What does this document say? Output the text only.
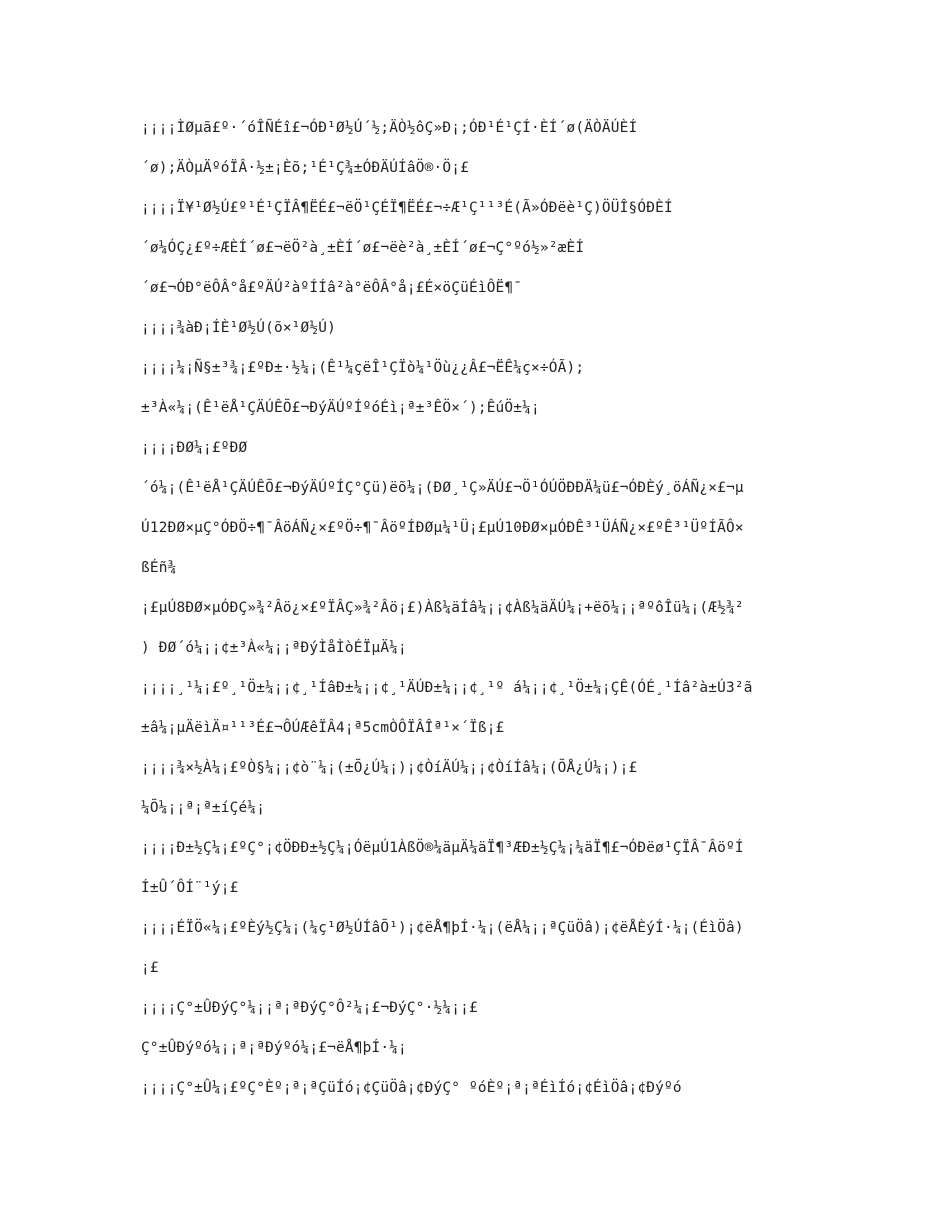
¡¡¡¡ÌØµã£º·´óÎÑÉî£¬ÓÐ¹Ø½Ú´½;ÄÒ½ôÇ»Ð¡;ÓÐ¹É¹ÇÍ·ÈÍ´ø(ÄÒÄÚÈÍ
´ø);ÄÒµÄºóÏÂ·½±¡Èõ;¹É¹Ç¾±ÓÐÄÚÍâÖ®·Ö¡£
¡¡¡¡Ï¥¹Ø½Ú£º¹É¹ÇÏÂ¶ËÉ£¬ëÖ¹ÇÉÏ¶ËÉ£¬÷Æ¹Ç¹¹³É(Ã»ÓÐëè¹Ç)ÖÜÎ§ÓÐÈÍ
´ø¼ÓÇ¿£º÷ÆÈÍ´ø£¬ëÖ²à¸±ÈÍ´ø£¬ëè²à¸±ÈÍ´ø£¬Ç°ºó½»²æÈÍ
´ø£¬ÓÐ°ëÔÂ°å£ºÄÚ²àºÍÍâ²à°ëÔÂ°å¡£É×öÇüÉìÔË¶¯
¡¡¡¡¾àÐ¡ÍÈ¹Ø½Ú(õ×¹Ø½Ú)
¡¡¡¡¼¡Ñ§±³¾¡£ºÐ±·½¼¡(Ê¹¼çëÎ¹ÇÏò¼¹Öù¿¿Â£¬ËÊ¼ç×÷ÓÃ);
±³À«¼¡(Ê¹ëÅ¹ÇÄÚÊÕ£¬ÐýÄÚºÍºóÉì¡ª±³ÊÖ×´);ÊúÖ±¼¡
¡¡¡¡ÐØ¼¡£ºÐØ
´ó¼¡(Ê¹ëÅ¹ÇÄÚÊÕ£¬ÐýÄÚºÍÇ°Çü)ëõ¼¡(ÐØ¸¹Ç»ÄÚ£¬Ö¹ÓÚÖÐÐÄ¼ü£¬ÓÐÈý¸öÁÑ¿×£¬µ
Ú12ÐØ×µÇ°ÓÐÖ÷¶¯ÂöÁÑ¿×£ºÖ÷¶¯ÂöºÍÐØµ¼¹Ü¡£µÚ10ÐØ×µÓÐÊ³¹ÜÁÑ¿×£ºÊ³¹ÜºÍÃÔ×
ßÉñ¾
¡£µÚ8ÐØ×µÓÐÇ»¾²Âö¿×£ºÏÂÇ»¾²Âö¡£)Àß¼äÍâ¼¡¡¢Àß¼äÄÚ¼¡+ëõ¼¡¡ªºôÎü¼¡(Æ½¾²
) ÐØ´ó¼¡¡¢±³À«¼¡¡ªÐýÌåÌòÉÏµÄ¼¡
¡¡¡¡¸¹¼¡£º¸¹Ö±¼¡¡¢¸¹ÍâÐ±¼¡¡¢¸¹ÄÚÐ±¼¡¡¢¸¹º á¼¡¡¢¸¹Ö±¼¡ÇÊ(ÓÉ¸¹Íâ²à±Ú3²ã
±â¼¡µÄëìÄ¤¹¹³É£¬ÔÚÆêÏÂ4¡ª5cmÒÔÏÂÎª¹×´Ïß¡£
¡¡¡¡¾×½À¼¡£ºÒ§¼¡¡¢ò¨¼¡(±Õ¿Ú¼¡)¡¢ÒíÄÚ¼¡¡¢ÒíÍâ¼¡(ÕÅ¿Ú¼¡)¡£
¼Õ¼¡¡ª¡ª±íÇé¼¡
¡¡¡¡Ð±½Ç¼¡£ºÇ°¡¢ÖÐÐ±½Ç¼¡ÓëµÚ1ÀßÖ®¼äµÄ¼äÏ¶³ÆÐ±½Ç¼¡¼äÏ¶£¬ÓÐëø¹ÇÏÂ¯ÂöºÍ
Í±Û´ÔÍ¨¹ý¡£
¡¡¡¡ÉÏÖ«¼¡£ºÈý½Ç¼¡(¼ç¹Ø½ÚÍâÕ¹)¡¢ëÅ¶þÍ·¼¡(ëÅ¼¡¡ªÇüÖâ)¡¢ëÅÈýÍ·¼¡(ÉìÖâ)
¡£
¡¡¡¡Ç°±ÛÐýÇ°¼¡¡ª¡ªÐýÇ°Ô²¼¡£¬ÐýÇ°·½¼¡¡£
Ç°±ÛÐýºó¼¡¡ª¡ªÐýºó¼¡£¬ëÅ¶þÍ·¼¡
¡¡¡¡Ç°±Û¼¡£ºÇ°Èº¡ª¡ªÇüÍó¡¢ÇüÖâ¡¢ÐýÇ° ºóÈº¡ª¡ªÉìÍó¡¢ÉìÖâ¡¢Ðýºó
